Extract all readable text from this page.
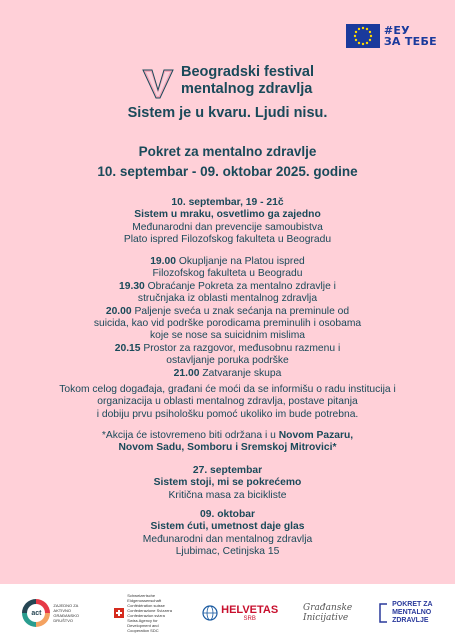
#ЕУ
ЗА ТЕБЕ
Beogradski festival
mentalnog zdravlja
Sistem je u kvaru. Ljudi nisu.
Pokret za mentalno zdravlje
10. septembar - 09. oktobar 2025. godine
10. septembar, 19 - 21č
Sistem u mraku, osvetlimo ga zajedno
Međunarodni dan prevencije samoubistva
Plato ispred Filozofskog fakulteta u Beogradu
19.00 Okupljanje na Platou ispred
Filozofskog fakulteta u Beogradu
19.30 Obraćanje Pokreta za mentalno zdravlje i
stručnjaka iz oblasti mentalnog zdravlja
20.00 Paljenje sveća u znak sećanja na preminule od
suicida, kao vid podrške porodicama preminulih i osobama
koje se nose sa suicidnim mislima
20.15 Prostor za razgovor, međusobnu razmenu i
ostavljanje poruka podrške
21.00 Zatvaranje skupa
Tokom celog događaja, građani će moći da se informišu o radu institucija i
organizacija u oblasti mentalnog zdravlja, postave pitanja
i dobiju prvu psihološku pomoć ukoliko im bude potrebna.
*Akcija će istovremeno biti održana i u Novom Pazaru,
Novom Sadu, Somboru i Sremskoj Mitrovici*
27. septembar
Sistem stoji, mi se pokrećemo
Kritična masa za bicikliste
09. oktobar
Sistem ćuti, umetnost daje glas
Međunarodni dan mentalnog zdravlja
Ljubimac, Cetinjska 15
act
ZAJEDNO ZA AKTIVNO GRAĐANSKO DRUŠTVO
Schweizerische Eidgenossenschaft Confédération suisse Confederazione Svizzera Confederaziun svizra
Swiss Agency for Development and Cooperation SDC
HELVETAS
SRB
Građanske
Inicijative
POKRET ZA
MENTALNO
ZDRAVLJE
